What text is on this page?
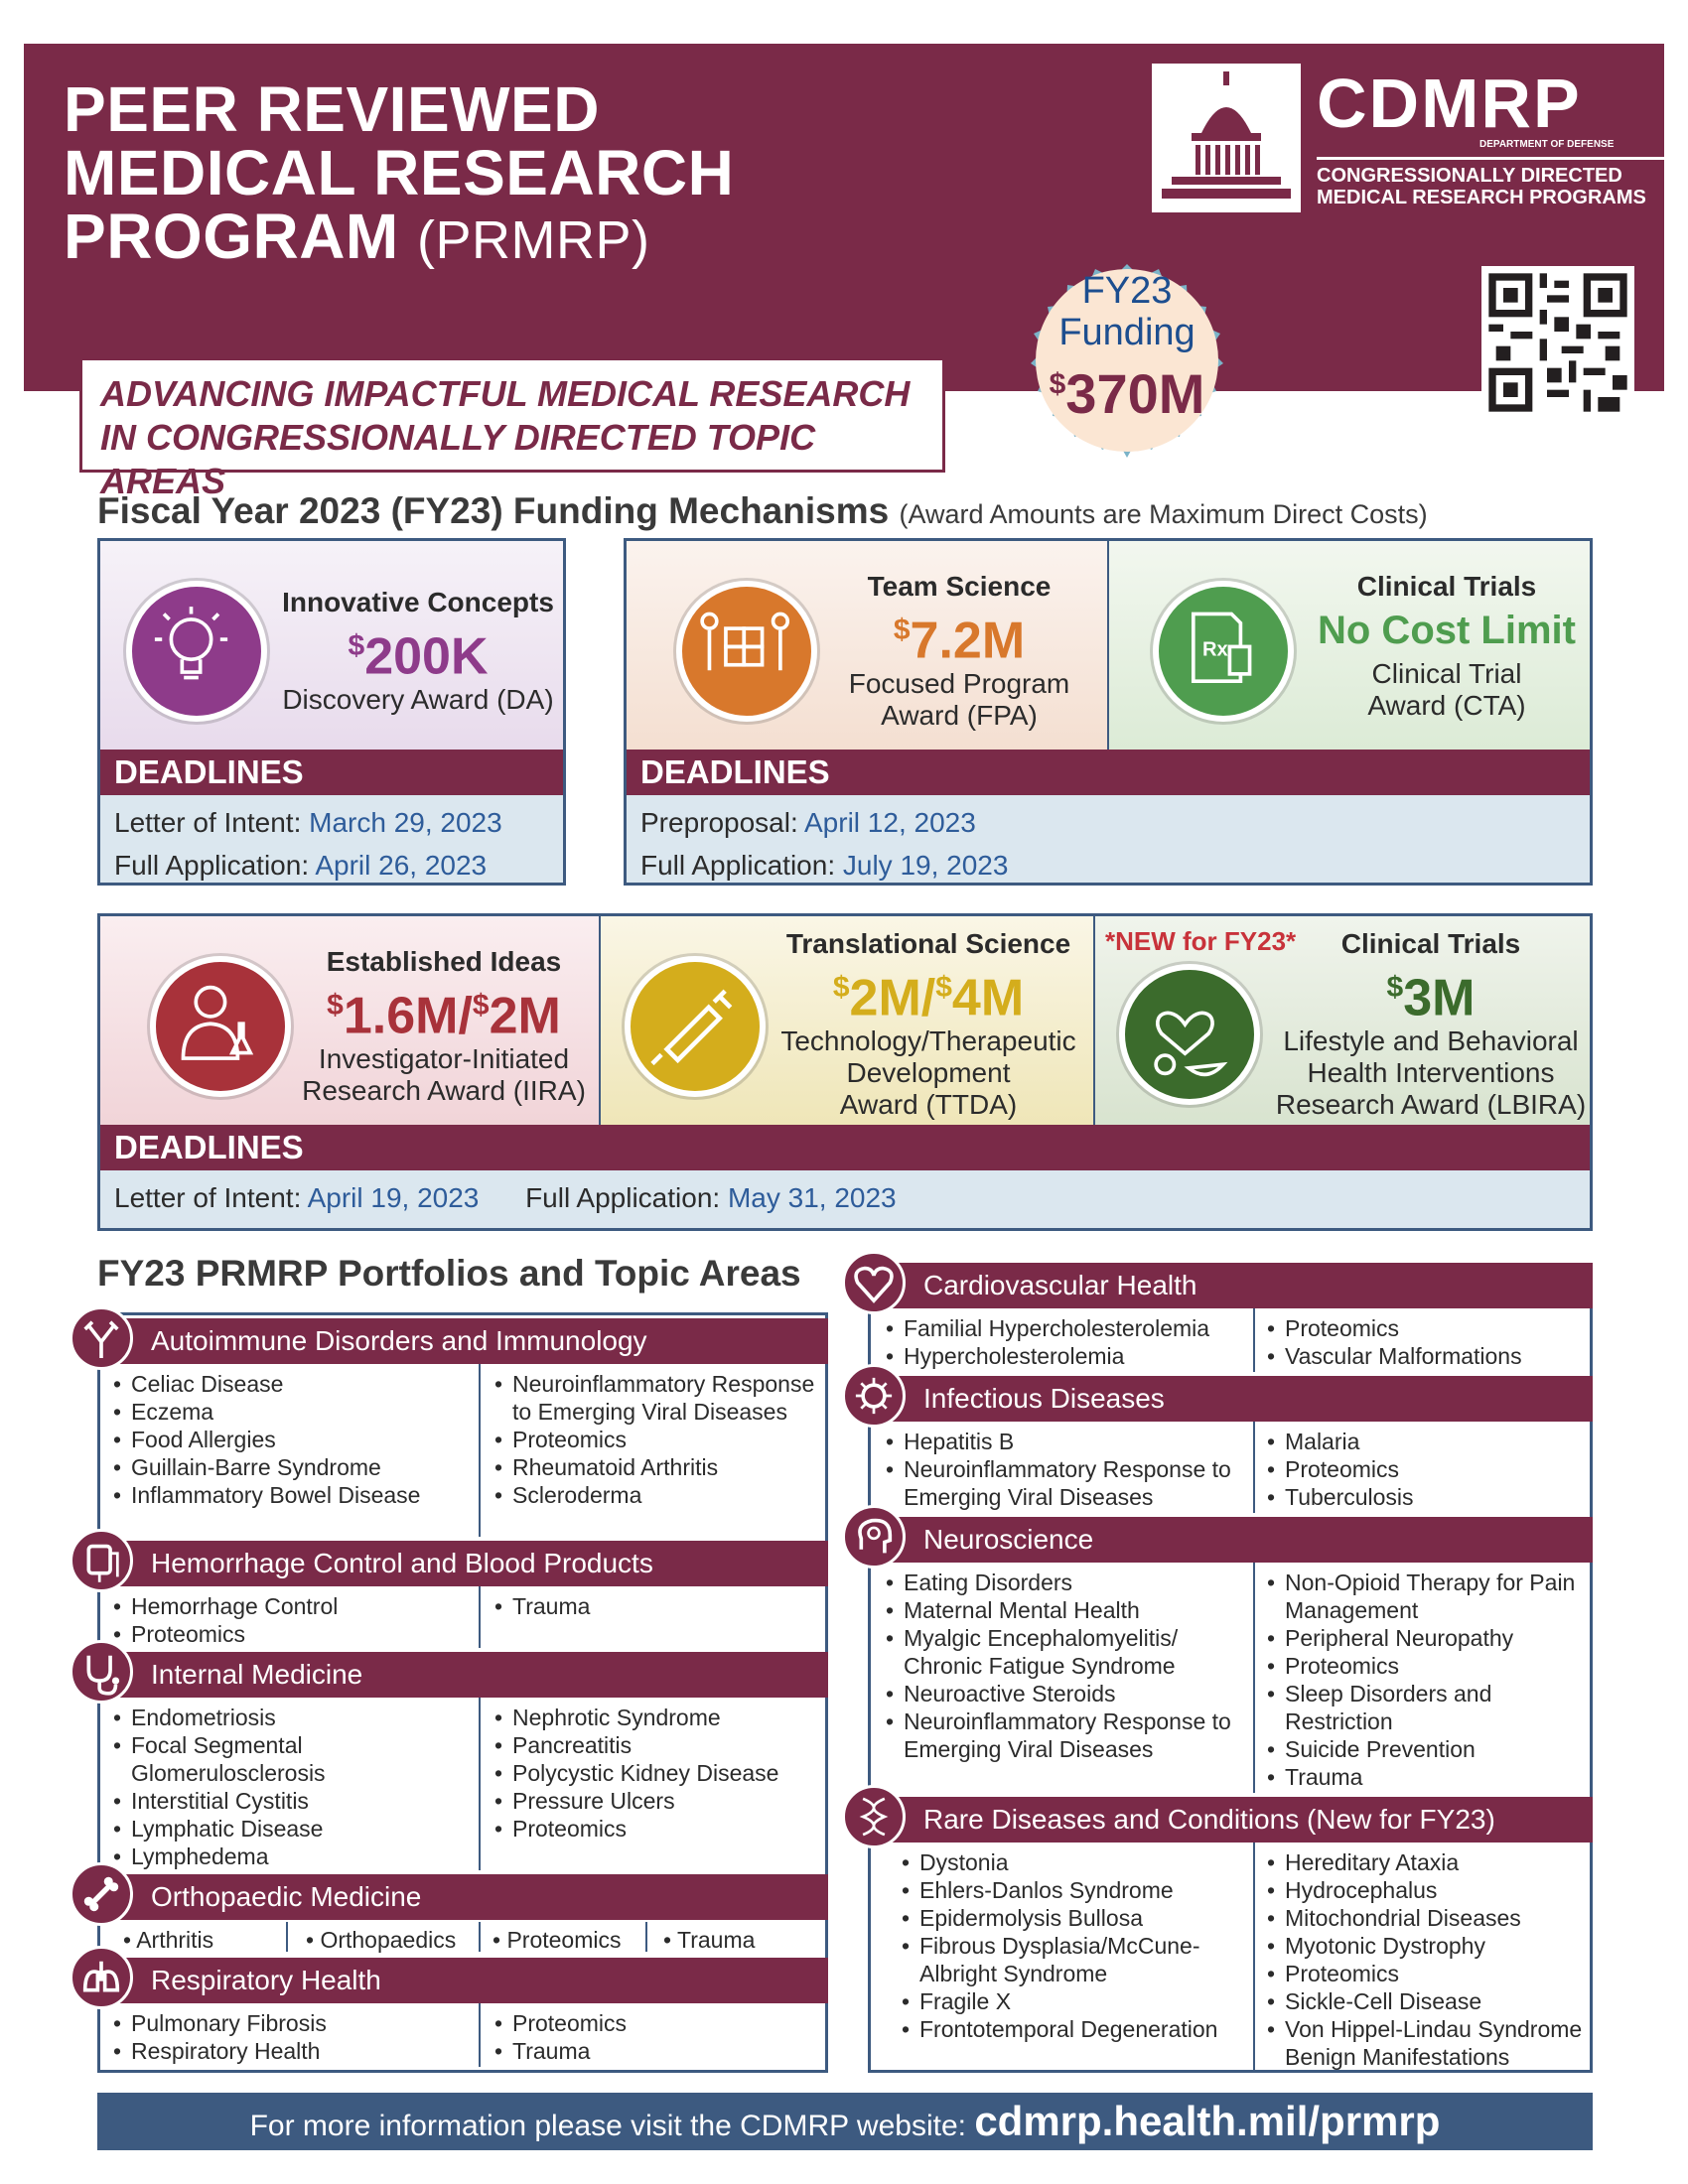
PEER REVIEWED
MEDICAL RESEARCH
PROGRAM (PRMRP)
ADVANCING IMPACTFUL MEDICAL RESEARCH
IN CONGRESSIONALLY DIRECTED TOPIC AREAS
CDMRP
DEPARTMENT OF DEFENSE
CONGRESSIONALLY DIRECTED
MEDICAL RESEARCH PROGRAMS
FY23
Funding
$370M
Fiscal Year 2023 (FY23) Funding Mechanisms (Award Amounts are Maximum Direct Costs)
Innovative Concepts
$200K
Discovery Award (DA)
DEADLINES
Letter of Intent: March 29, 2023
Full Application: April 26, 2023
Team Science
$7.2M
Focused Program
Award (FPA)
Rx
Clinical Trials
No Cost Limit
Clinical Trial
Award (CTA)
DEADLINES
Preproposal: April 12, 2023
Full Application: July 19, 2023
Established Ideas
$1.6M/$2M
Investigator-Initiated
Research Award (IIRA)
Translational Science
$2M/$4M
Technology/Therapeutic
Development
Award (TTDA)
*NEW for FY23*	Clinical Trials
$3M
Lifestyle and Behavioral
Health Interventions
Research Award (LBIRA)
DEADLINES
Letter of Intent: April 19, 2023 Full Application: May 31, 2023
FY23 PRMRP Portfolios and Topic Areas
Autoimmune Disorders and Immunology
• Celiac Disease
• Eczema
• Food Allergies
• Guillain-Barre Syndrome
• Inflammatory Bowel Disease
• Neuroinflammatory Response to Emerging Viral Diseases
• Proteomics
• Rheumatoid Arthritis
• Scleroderma
Hemorrhage Control and Blood Products
• Hemorrhage Control
• Proteomics
• Trauma
Internal Medicine
• Endometriosis
• Focal Segmental Glomerulosclerosis
• Interstitial Cystitis
• Lymphatic Disease
• Lymphedema
• Nephrotic Syndrome
• Pancreatitis
• Polycystic Kidney Disease
• Pressure Ulcers
• Proteomics
Orthopaedic Medicine
• Arthritis	• Orthopaedics • Proteomics • Trauma
Respiratory Health
• Pulmonary Fibrosis
• Respiratory Health
• Proteomics
• Trauma
Cardiovascular Health
• Familial Hypercholesterolemia
• Hypercholesterolemia
• Proteomics
• Vascular Malformations
Infectious Diseases
• Hepatitis B
• Neuroinflammatory Response to Emerging Viral Diseases
• Malaria
• Proteomics
• Tuberculosis
Neuroscience
• Eating Disorders
• Maternal Mental Health
• Myalgic Encephalomyelitis/ Chronic Fatigue Syndrome
• Neuroactive Steroids
• Neuroinflammatory Response to Emerging Viral Diseases
• Non-Opioid Therapy for Pain Management
• Peripheral Neuropathy
• Proteomics
• Sleep Disorders and Restriction
• Suicide Prevention
• Trauma
Rare Diseases and Conditions (New for FY23)
• Dystonia
• Ehlers-Danlos Syndrome
• Epidermolysis Bullosa
• Fibrous Dysplasia/McCune-Albright Syndrome
• Fragile X
• Frontotemporal Degeneration
• Hereditary Ataxia
• Hydrocephalus
• Mitochondrial Diseases
• Myotonic Dystrophy
• Proteomics
• Sickle-Cell Disease
• Von Hippel-Lindau Syndrome Benign Manifestations
For more information please visit the CDMRP website: cdmrp.health.mil/prmrp
